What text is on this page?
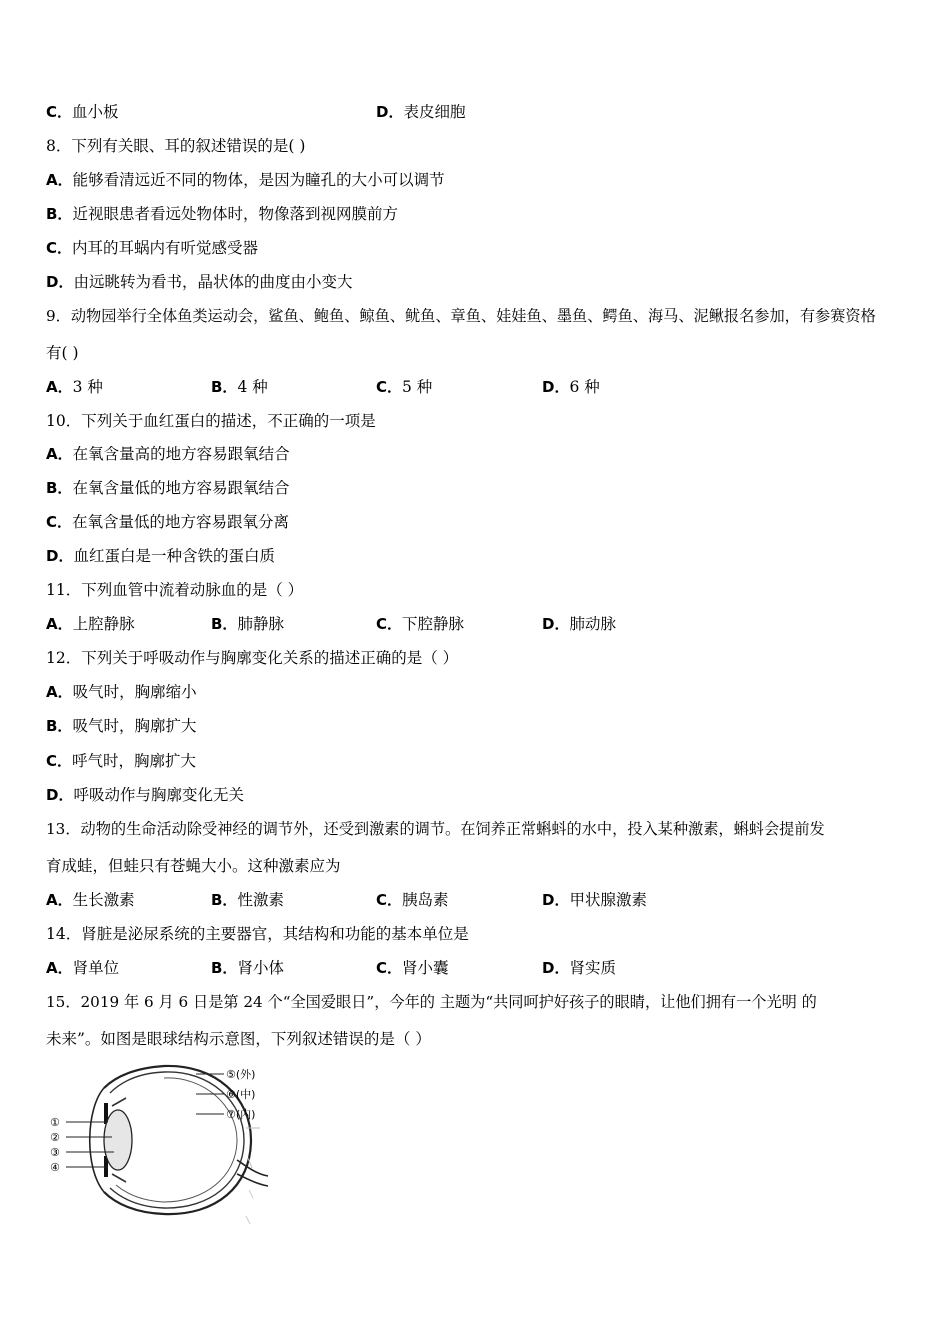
C．血小板	D．表皮细胞
8．下列有关眼、耳的叙述错误的是( )
A．能够看清远近不同的物体，是因为瞳孔的大小可以调节
B．近视眼患者看远处物体时，物像落到视网膜前方
C．内耳的耳蜗内有听觉感受器
D．由远眺转为看书，晶状体的曲度由小变大
9．动物园举行全体鱼类运动会，鲨鱼、鲍鱼、鲸鱼、鱿鱼、章鱼、娃娃鱼、墨鱼、鳄鱼、海马、泥鳅报名参加，有参赛资格
有( )
A．3 种	B．4 种	C．5 种	D．6 种
10．下列关于血红蛋白的描述，不正确的一项是
A．在氧含量高的地方容易跟氧结合
B．在氧含量低的地方容易跟氧结合
C．在氧含量低的地方容易跟氧分离
D．血红蛋白是一种含铁的蛋白质
11．下列血管中流着动脉血的是（ ）
A．上腔静脉	B．肺静脉	C．下腔静脉	D．肺动脉
12．下列关于呼吸动作与胸廓变化关系的描述正确的是（ ）
A．吸气时，胸廓缩小
B．吸气时，胸廓扩大
C．呼气时，胸廓扩大
D．呼吸动作与胸廓变化无关
13．动物的生命活动除受神经的调节外，还受到激素的调节。在饲养正常蝌蚪的水中，投入某种激素，蝌蚪会提前发
育成蛙，但蛙只有苍蝇大小。这种激素应为
A．生长激素	B．性激素	C．胰岛素	D．甲状腺激素
14．肾脏是泌尿系统的主要器官，其结构和功能的基本单位是
A．肾单位	B．肾小体	C．肾小囊	D．肾实质
15．2019 年 6 月 6 日是第 24 个“全国爱眼日”，今年的 主题为“共同呵护好孩子的眼睛，让他们拥有一个光明 的
未来”。如图是眼球结构示意图，下列叙述错误的是（ ）
⑤(外)
⑥(中)
⑦(内)
①
②
③
④
